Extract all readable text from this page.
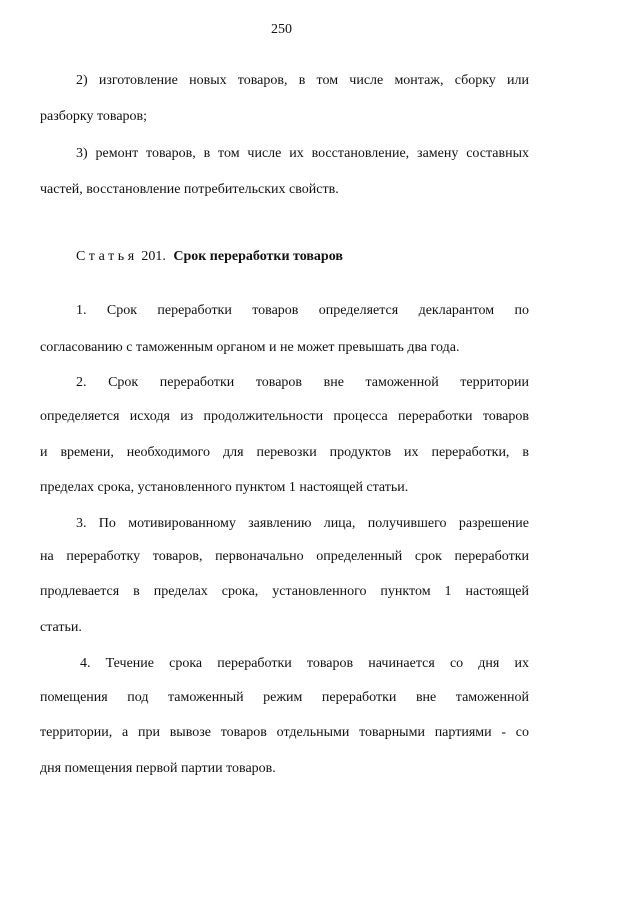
250
2) изготовление новых товаров, в том числе монтаж, сборку или
разборку товаров;
3) ремонт товаров, в том числе их восстановление, замену составных
частей, восстановление потребительских свойств.
Статья 201. Срок переработки товаров
1. Срок переработки товаров определяется декларантом по
согласованию с таможенным органом и не может превышать два года.
2. Срок переработки товаров вне таможенной территории
определяется исходя из продолжительности процесса переработки товаров
и времени, необходимого для перевозки продуктов их переработки, в
пределах срока, установленного пунктом 1 настоящей статьи.
3. По мотивированному заявлению лица, получившего разрешение
на переработку товаров, первоначально определенный срок переработки
продлевается в пределах срока, установленного пунктом 1 настоящей
статьи.
4. Течение срока переработки товаров начинается со дня их
помещения под таможенный режим переработки вне таможенной
территории, а при вывозе товаров отдельными товарными партиями - со
дня помещения первой партии товаров.
